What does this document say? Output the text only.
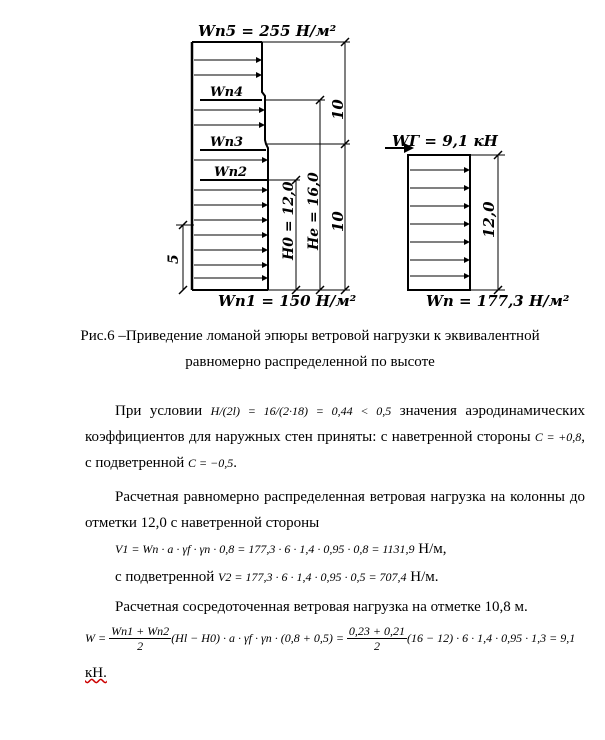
Wn5 = 255 Н/м²
Wn4
Wn3
Wn2
Wn1 = 150 Н/м²
10
10
H0 = 12,0 He = 16,0
5
WГ = 9,1 кН
12,0
Wn = 177,3 Н/м²
Рис.6 –Приведение ломаной эпюры ветровой нагрузки к эквивалентной
равномерно распределенной по высоте
При условии H/(2l) = 16/(2·18) = 0,44 < 0,5 значения аэродинамических коэффициентов для наружных стен приняты: с наветренной стороны C = +0,8, с подветренной C = −0,5.
Расчетная равномерно распределенная ветровая нагрузка на колонны до отметки 12,0 с наветренной стороны
V1 = Wn · a · γf · γn · 0,8 = 177,3 · 6 · 1,4 · 0,95 · 0,8 = 1131,9 Н/м,
с подветренной V2 = 177,3 · 6 · 1,4 · 0,95 · 0,5 = 707,4 Н/м.
Расчетная сосредоточенная ветровая нагрузка на отметке 10,8 м.
$W = \frac{Wn1 + Wn2}{2} (Hl - H0) \cdot a \cdot \gamma f \cdot \gamma n \cdot (0,8 + 0,5) = \frac{0,23 + 0,21}{2} (16 - 12) \cdot 6 \cdot 1,4 \cdot 0,95 \cdot 1,3 = 9,1$
кН.
